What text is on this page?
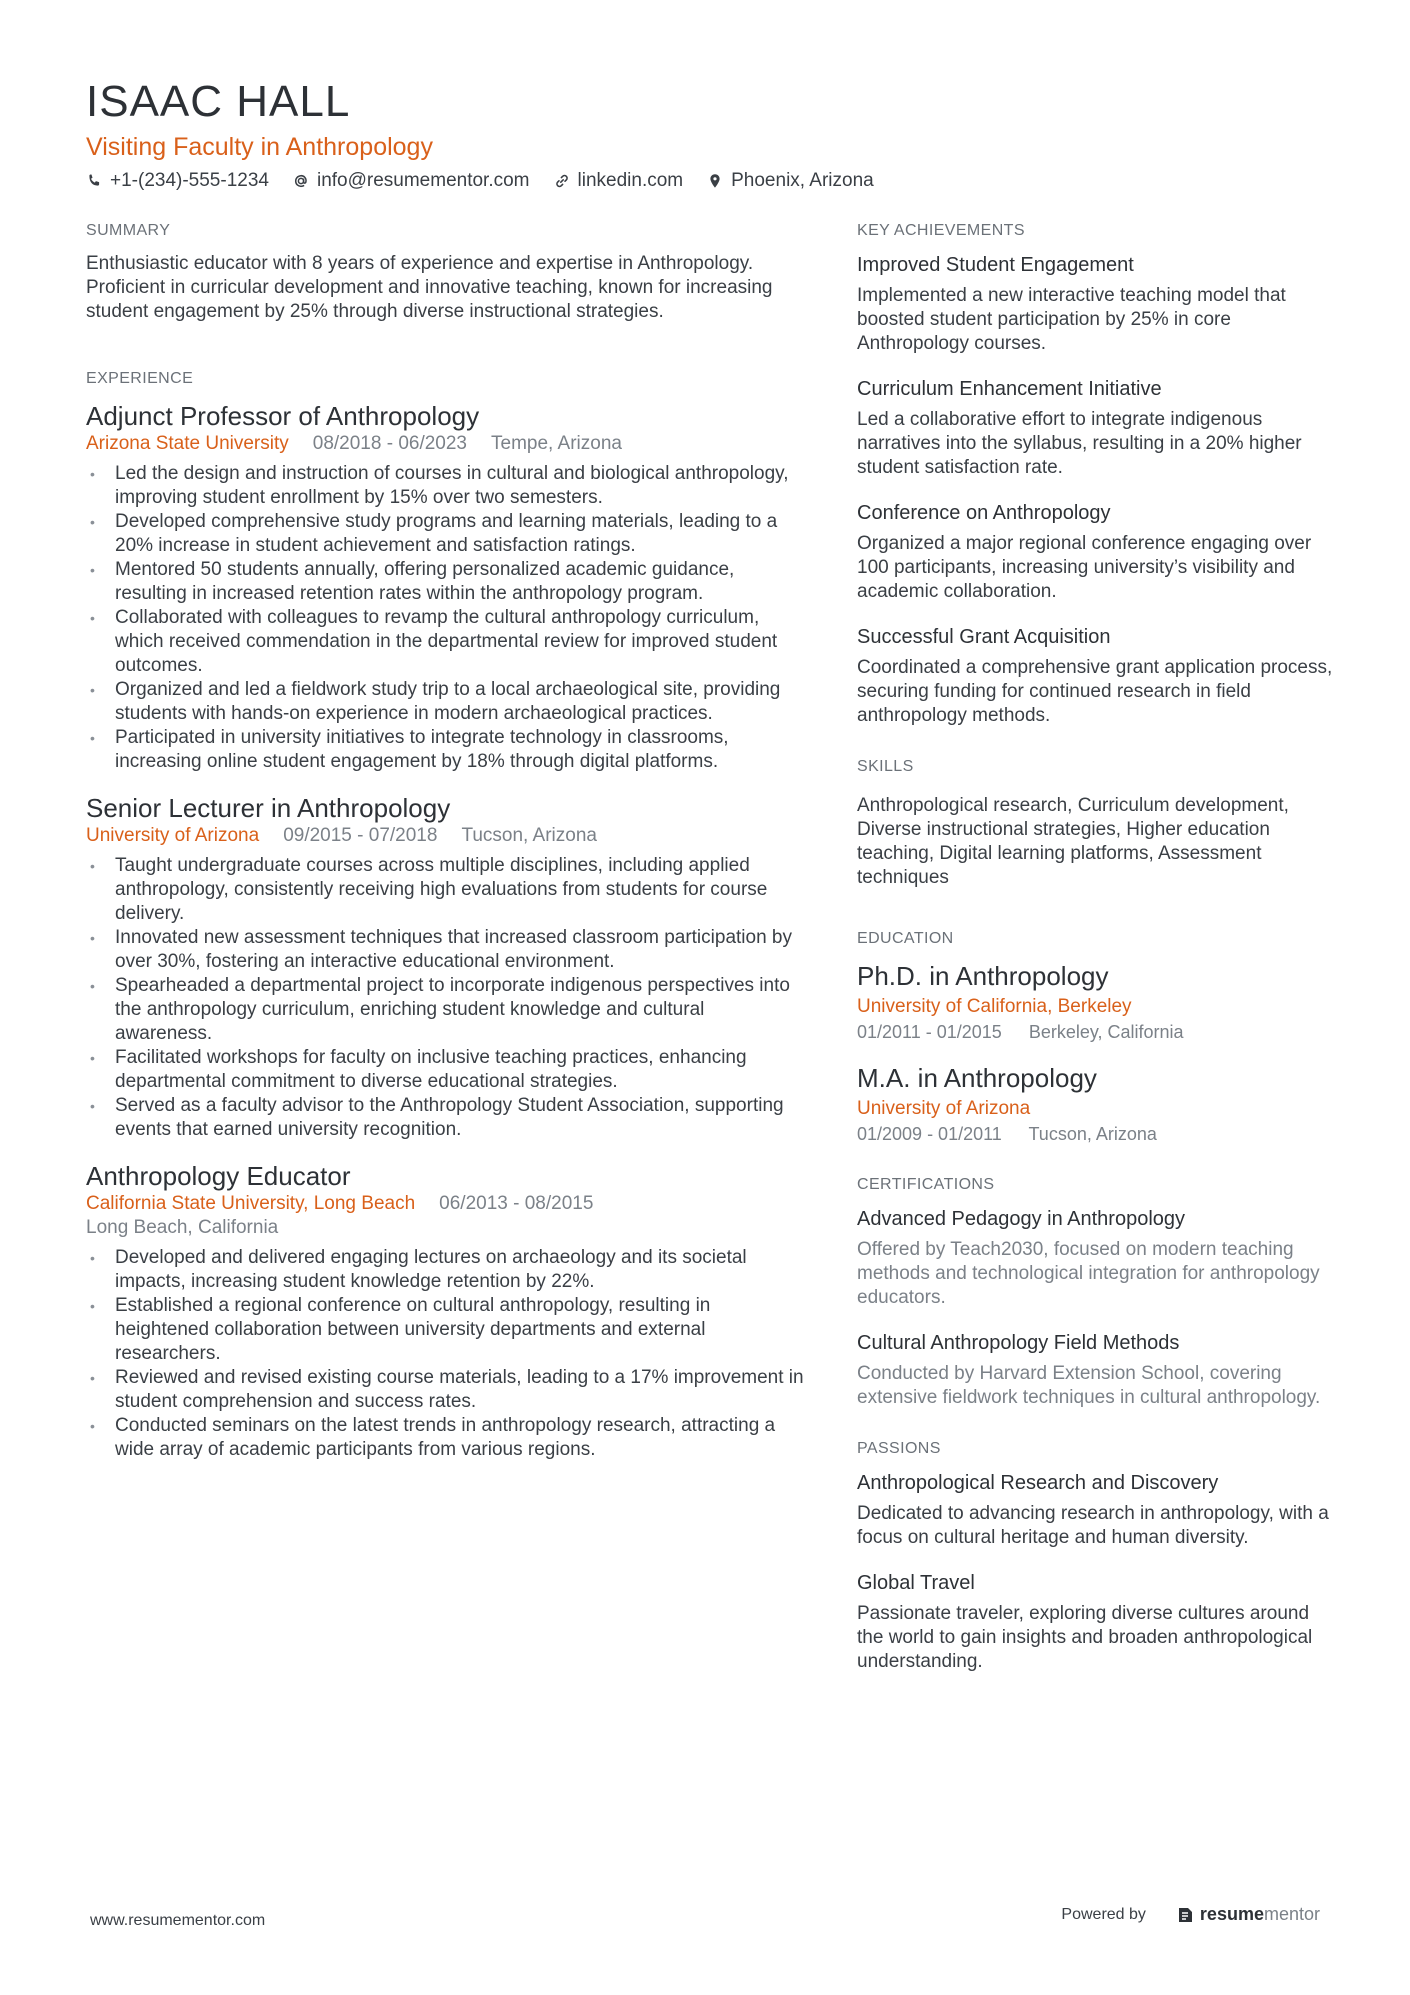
ISAAC HALL
Visiting Faculty in Anthropology
+1-(234)-555-1234	info@resumementor.com	linkedin.com	Phoenix, Arizona
SUMMARY
Enthusiastic educator with 8 years of experience and expertise in Anthropology. Proficient in curricular development and innovative teaching, known for increasing student engagement by 25% through diverse instructional strategies.
EXPERIENCE
Adjunct Professor of Anthropology
Arizona State University 08/2018 - 06/2023 Tempe, Arizona
• Led the design and instruction of courses in cultural and biological anthropology, improving student enrollment by 15% over two semesters.
• Developed comprehensive study programs and learning materials, leading to a 20% increase in student achievement and satisfaction ratings.
• Mentored 50 students annually, offering personalized academic guidance, resulting in increased retention rates within the anthropology program.
• Collaborated with colleagues to revamp the cultural anthropology curriculum, which received commendation in the departmental review for improved student outcomes.
• Organized and led a fieldwork study trip to a local archaeological site, providing students with hands-on experience in modern archaeological practices.
• Participated in university initiatives to integrate technology in classrooms, increasing online student engagement by 18% through digital platforms.
Senior Lecturer in Anthropology
University of Arizona 09/2015 - 07/2018 Tucson, Arizona
• Taught undergraduate courses across multiple disciplines, including applied anthropology, consistently receiving high evaluations from students for course delivery.
• Innovated new assessment techniques that increased classroom participation by over 30%, fostering an interactive educational environment.
• Spearheaded a departmental project to incorporate indigenous perspectives into the anthropology curriculum, enriching student knowledge and cultural awareness.
• Facilitated workshops for faculty on inclusive teaching practices, enhancing departmental commitment to diverse educational strategies.
• Served as a faculty advisor to the Anthropology Student Association, supporting events that earned university recognition.
Anthropology Educator
California State University, Long Beach 06/2013 - 08/2015
Long Beach, California
• Developed and delivered engaging lectures on archaeology and its societal impacts, increasing student knowledge retention by 22%.
• Established a regional conference on cultural anthropology, resulting in heightened collaboration between university departments and external researchers.
• Reviewed and revised existing course materials, leading to a 17% improvement in student comprehension and success rates.
• Conducted seminars on the latest trends in anthropology research, attracting a wide array of academic participants from various regions.
KEY ACHIEVEMENTS
Improved Student Engagement
Implemented a new interactive teaching model that boosted student participation by 25% in core Anthropology courses.
Curriculum Enhancement Initiative
Led a collaborative effort to integrate indigenous narratives into the syllabus, resulting in a 20% higher student satisfaction rate.
Conference on Anthropology
Organized a major regional conference engaging over 100 participants, increasing university’s visibility and academic collaboration.
Successful Grant Acquisition
Coordinated a comprehensive grant application process, securing funding for continued research in field anthropology methods.
SKILLS
Anthropological research, Curriculum development, Diverse instructional strategies, Higher education teaching, Digital learning platforms, Assessment techniques
EDUCATION
Ph.D. in Anthropology
University of California, Berkeley
01/2011 - 01/2015 Berkeley, California
M.A. in Anthropology
University of Arizona
01/2009 - 01/2011 Tucson, Arizona
CERTIFICATIONS
Advanced Pedagogy in Anthropology
Offered by Teach2030, focused on modern teaching methods and technological integration for anthropology educators.
Cultural Anthropology Field Methods
Conducted by Harvard Extension School, covering extensive fieldwork techniques in cultural anthropology.
PASSIONS
Anthropological Research and Discovery
Dedicated to advancing research in anthropology, with a focus on cultural heritage and human diversity.
Global Travel
Passionate traveler, exploring diverse cultures around the world to gain insights and broaden anthropological understanding.
www.resumementor.com	Powered by	resume mentor
